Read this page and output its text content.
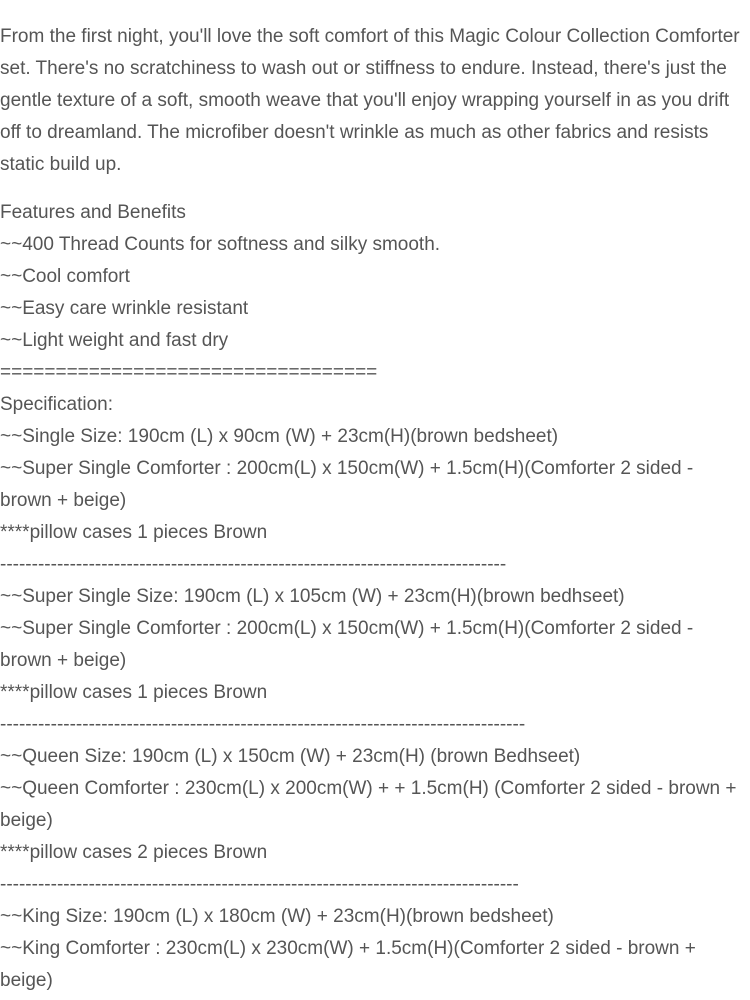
From the first night, you'll love the soft comfort of this Magic Colour Collection Comforter set. There's no scratchiness to wash out or stiffness to endure. Instead, there's just the gentle texture of a soft, smooth weave that you'll enjoy wrapping yourself in as you drift off to dreamland. The microfiber doesn't wrinkle as much as other fabrics and resists static build up.

Features and Benefits
~~400 Thread Counts for softness and silky smooth.
~~Cool comfort
~~Easy care wrinkle resistant
~~Light weight and fast dry
==================================
Specification:
~~Single Size: 190cm (L) x 90cm (W) + 23cm(H)(brown bedsheet)
~~Super Single Comforter : 200cm(L) x 150cm(W) + 1.5cm(H)(Comforter 2 sided - brown + beige)
****pillow cases 1 pieces Brown
--------------------------------------------------------------------------------
~~Super Single Size: 190cm (L) x 105cm (W) + 23cm(H)(brown bedhseet)
~~Super Single Comforter : 200cm(L) x 150cm(W) + 1.5cm(H)(Comforter 2 sided - brown + beige)
****pillow cases 1 pieces Brown
-----------------------------------------------------------------------------------
~~Queen Size: 190cm (L) x 150cm (W) + 23cm(H) (brown Bedhseet)
~~Queen Comforter : 230cm(L) x 200cm(W) + + 1.5cm(H) (Comforter 2 sided - brown + beige)
****pillow cases 2 pieces Brown
----------------------------------------------------------------------------------
~~King Size: 190cm (L) x 180cm (W) + 23cm(H)(brown bedsheet)
~~King Comforter : 230cm(L) x 230cm(W) + 1.5cm(H)(Comforter 2 sided - brown + beige)
